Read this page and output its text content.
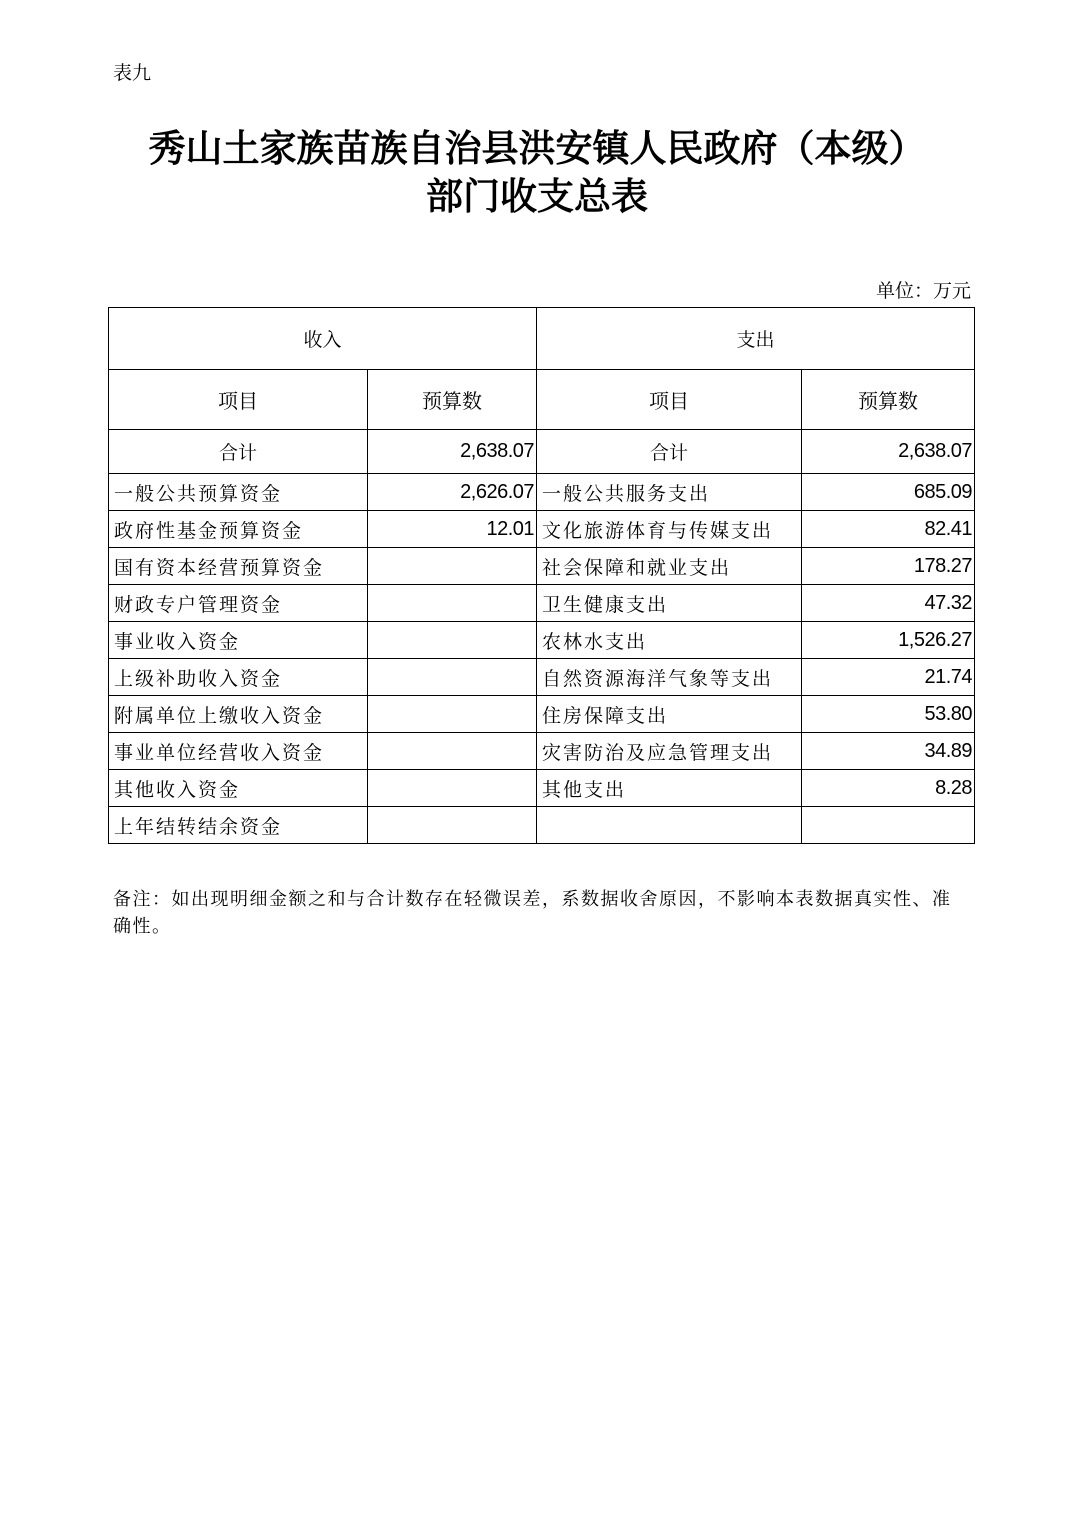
表九
秀山土家族苗族自治县洪安镇人民政府（本级）
部门收支总表
单位：万元
收入		支出	
项目	预算数	项目	预算数
合计	2,638.07	合计	2,638.07
一般公共预算资金	2,626.07	一般公共服务支出	685.09
政府性基金预算资金	12.01	文化旅游体育与传媒支出	82.41
国有资本经营预算资金		社会保障和就业支出	178.27
财政专户管理资金		卫生健康支出	47.32
事业收入资金		农林水支出	1,526.27
上级补助收入资金		自然资源海洋气象等支出	21.74
附属单位上缴收入资金		住房保障支出	53.80
事业单位经营收入资金		灾害防治及应急管理支出	34.89
其他收入资金		其他支出	8.28
上年结转结余资金			
备注：如出现明细金额之和与合计数存在轻微误差，系数据收舍原因，不影响本表数据真实性、准确性。
